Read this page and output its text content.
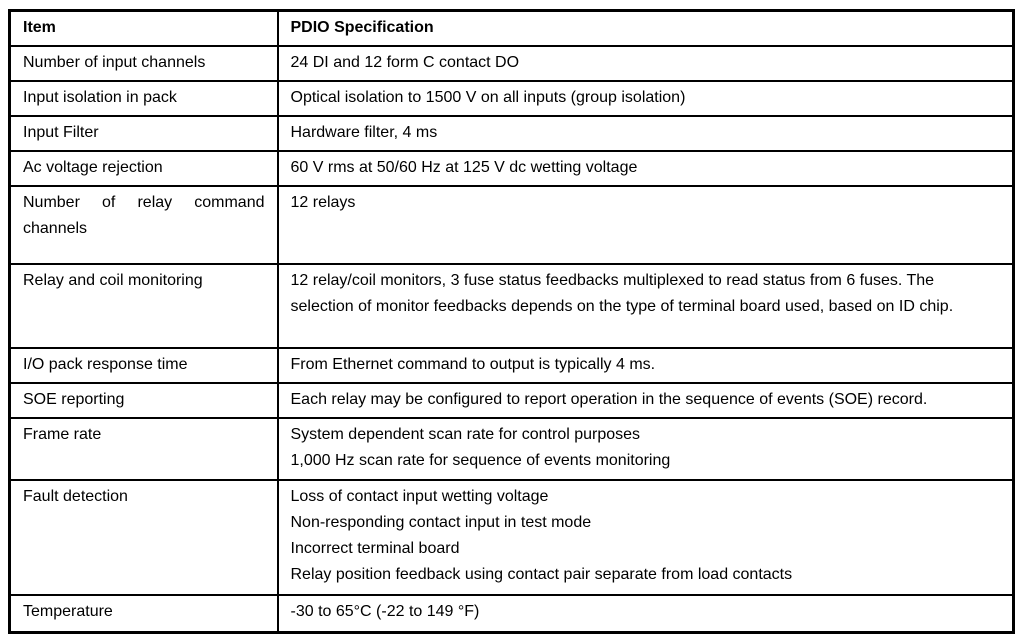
Item	PDIO Specification

Number of input channels	24 DI and 12 form C contact DO

Input isolation in pack	Optical isolation to 1500 V on all inputs (group isolation)

Input Filter	Hardware filter, 4 ms

Ac voltage rejection	60 V rms at 50/60 Hz at 125 V dc wetting voltage

Number of relay command channels	12 relays

Relay and coil monitoring	12 relay/coil monitors, 3 fuse status feedbacks multiplexed to read status from 6 fuses. The selection of monitor feedbacks depends on the type of terminal board used, based on ID chip.

I/O pack response time	From Ethernet command to output is typically 4 ms.

SOE reporting	Each relay may be configured to report operation in the sequence of events (SOE) record.

Frame rate	System dependent scan rate for control purposes
1,000 Hz scan rate for sequence of events monitoring

Fault detection	Loss of contact input wetting voltage
Non-responding contact input in test mode
Incorrect terminal board
Relay position feedback using contact pair separate from load contacts

Temperature	-30 to 65°C (-22 to 149 °F)
